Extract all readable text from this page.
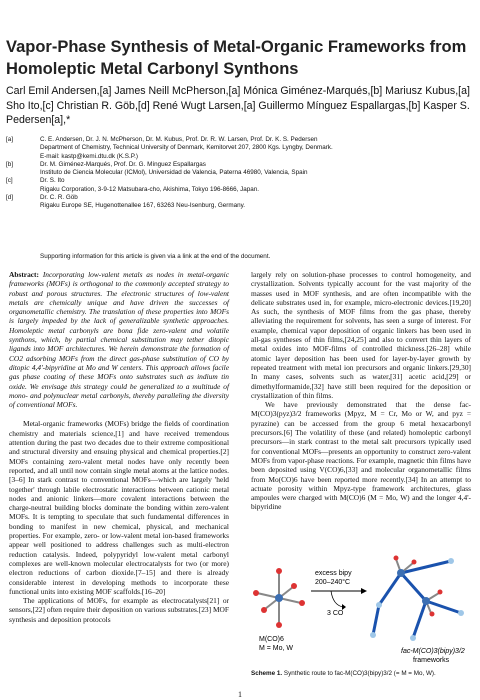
Vapor-Phase Synthesis of Metal-Organic Frameworks from Homoleptic Metal Carbonyl Synthons
Carl Emil Andersen,[a] James Neill McPherson,[a] Mónica Giménez-Marqués,[b] Mariusz Kubus,[a] Sho Ito,[c] Christian R. Göb,[d] René Wugt Larsen,[a] Guillermo Mínguez Espallargas,[b] Kasper S. Pedersen[a],*
[a]	C. E. Andersen, Dr. J. N. McPherson, Dr. M. Kubus, Prof. Dr. R. W. Larsen, Prof. Dr. K. S. Pedersen
Department of Chemistry, Technical University of Denmark, Kemitorvet 207, 2800 Kgs. Lyngby, Denmark.
E-mail: kastp@kemi.dtu.dk (K.S.P.)
[b]	Dr. M. Giménez-Marqués, Prof. Dr. G. Mínguez Espallargas
Instituto de Ciencia Molecular (ICMol), Universidad de Valencia, Paterna 46980, Valencia, Spain
[c]	Dr. S. Ito
Rigaku Corporation, 3-9-12 Matsubara-cho, Akishima, Tokyo 196-8666, Japan.
[d]	Dr. C. R. Göb
Rigaku Europe SE, Hugenottenallee 167, 63263 Neu-Isenburg, Germany.
Supporting information for this article is given via a link at the end of the document.

Abstract: Incorporating low-valent metals as nodes in metal-organic frameworks (MOFs) is orthogonal to the commonly accepted strategy to robust and porous structures. The electronic structures of low-valent metals are chemically unique and have driven the successes of organometallic chemistry. The translation of these properties into MOFs is largely impeded by the lack of generalizable synthetic approaches. Homoleptic metal carbonyls are bona fide zero-valent and volatile synthons, which, by partial chemical substitution may tether ditopic ligands into MOF architectures. We herein demonstrate the formation of CO2 adsorbing MOFs from the direct gas-phase substitution of CO by ditopic 4,4'-bipyridine at Mo and W centers. This approach allows facile gas phase coating of these MOFs onto substrates such as indium tin oxide. We envisage this strategy could be generalized to a multitude of mono- and polynuclear metal carbonyls, thereby paralleling the diversity of conventional MOFs.

Metal-organic frameworks (MOFs) bridge the fields of coordination chemistry and materials science,[1] and have received tremendous attention during the past two decades due to their extreme compositional and structural diversity and ensuing physical and chemical properties.[2] MOFs containing zero-valent metal nodes have only recently been reported, and all until now contain single metal atoms at the lattice nodes.[3–6] In stark contrast to conventional MOFs—which are largely 'held together' through labile electrostatic interactions between cationic metal nodes and anionic linkers—more covalent interactions between the charge-neutral building blocks dominate the bonding within zero-valent MOFs. It is tempting to speculate that such fundamental differences in bonding to manifest in new chemical, physical, and mechanical properties. For example, zero- or low-valent metal ion-based frameworks appear well positioned to address challenges such as multi-electron reduction catalysis. Indeed, polypyridyl low-valent metal carbonyl complexes are well-known molecular electrocatalysts for two (or more) electron reductions of carbon dioxide.[7–15] and there is already considerable interest in developing methods to incorporate these functional units into existing MOF scaffolds.[16–20]

The applications of MOFs, for example as electrocatalysts[21] or sensors,[22] often require their deposition on various substrates.[23] MOF synthesis and deposition protocols

largely rely on solution-phase processes to control homogeneity, and crystallization. Solvents typically account for the vast majority of the masses used in MOF synthesis, and are often incompatible with the delicate substrates used in, for example, micro-electronic devices.[19,20] As such, the synthesis of MOF films from the gas phase, thereby alleviating the requirement for solvents, has seen a surge of interest. For example, chemical vapor deposition of organic linkers has been used in all-gas syntheses of thin films,[24,25] and also to convert thin layers of metal oxides into MOF-films of controlled thickness.[26–28] while atomic layer deposition has been used for layer-by-layer growth by repeated treatment with metal ion precursors and organic linkers.[29,30] In many cases, solvents such as water,[31] acetic acid,[29] or dimethylformamide,[32] have still been required for the deposition or crystallization of thin films.

We have previously demonstrated that the dense fac-M(CO)3(pyz)3/2 frameworks (Mpyz, M = Cr, Mo or W, and pyz = pyrazine) can be accessed from the group 6 metal hexacarbonyl precursors.[6] The volatility of these (and related) homoleptic carbonyl precursors—in stark contrast to the metal salt precursors typically used for conventional MOFs—presents an opportunity to construct zero-valent MOFs from vapor-phase reactions. For example, magnetic thin films have been deposited using V(CO)6,[33] and molecular organometallic films from Mo(CO)6 have been reported more recently.[34] In an attempt to actuate porosity within Mpyz-type framework architectures, glass ampoules were charged with M(CO)6 (M = Mo, W) and the longer 4,4'-bipyridine

M(CO)6
M = Mo, W
excess bipy
200–240°C
3 CO
fac-M(CO)3(bipy)3/2
frameworks
Scheme 1. Synthetic route to fac-M(CO)3(bipy)3/2 (= M = Mo, W).
1
